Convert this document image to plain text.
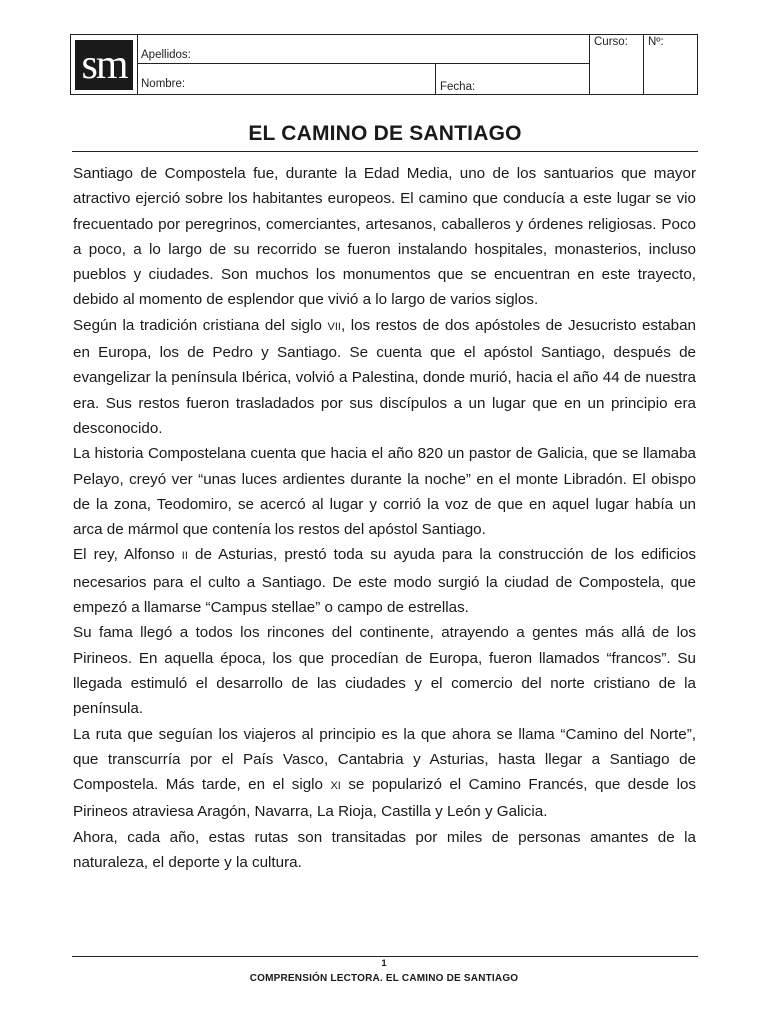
sm	Apellidos:
Nombre:	Fecha:
Curso: Nº:
EL CAMINO DE SANTIAGO

Santiago de Compostela fue, durante la Edad Media, uno de los santuarios que mayor atractivo ejerció sobre los habitantes europeos. El camino que conducía a este lugar se vio frecuentado por peregrinos, comerciantes, artesanos, caballeros y órdenes religiosas. Poco a poco, a lo largo de su recorrido se fueron instalando hospitales, monasterios, incluso pueblos y ciudades. Son muchos los monumentos que se encuentran en este trayecto, debido al momento de esplendor que vivió a lo largo de varios siglos.

Según la tradición cristiana del siglo VII, los restos de dos apóstoles de Jesucristo estaban en Europa, los de Pedro y Santiago. Se cuenta que el apóstol Santiago, después de evangelizar la península Ibérica, volvió a Palestina, donde murió, hacia el año 44 de nuestra era. Sus restos fueron trasladados por sus discípulos a un lugar que en un principio era desconocido.

La historia Compostelana cuenta que hacia el año 820 un pastor de Galicia, que se llamaba Pelayo, creyó ver “unas luces ardientes durante la noche” en el monte Libradón. El obispo de la zona, Teodomiro, se acercó al lugar y corrió la voz de que en aquel lugar había un arca de mármol que contenía los restos del apóstol Santiago.

El rey, Alfonso II de Asturias, prestó toda su ayuda para la construcción de los edificios necesarios para el culto a Santiago. De este modo surgió la ciudad de Compostela, que empezó a llamarse “Campus stellae” o campo de estrellas.

Su fama llegó a todos los rincones del continente, atrayendo a gentes más allá de los Pirineos. En aquella época, los que procedían de Europa, fueron llamados “francos”. Su llegada estimuló el desarrollo de las ciudades y el comercio del norte cristiano de la península.

La ruta que seguían los viajeros al principio es la que ahora se llama “Camino del Norte”, que transcurría por el País Vasco, Cantabria y Asturias, hasta llegar a Santiago de Compostela. Más tarde, en el siglo XI se popularizó el Camino Francés, que desde los Pirineos atraviesa Aragón, Navarra, La Rioja, Castilla y León y Galicia.

Ahora, cada año, estas rutas son transitadas por miles de personas amantes de la naturaleza, el deporte y la cultura.

1
COMPRENSIÓN LECTORA. EL CAMINO DE SANTIAGO
